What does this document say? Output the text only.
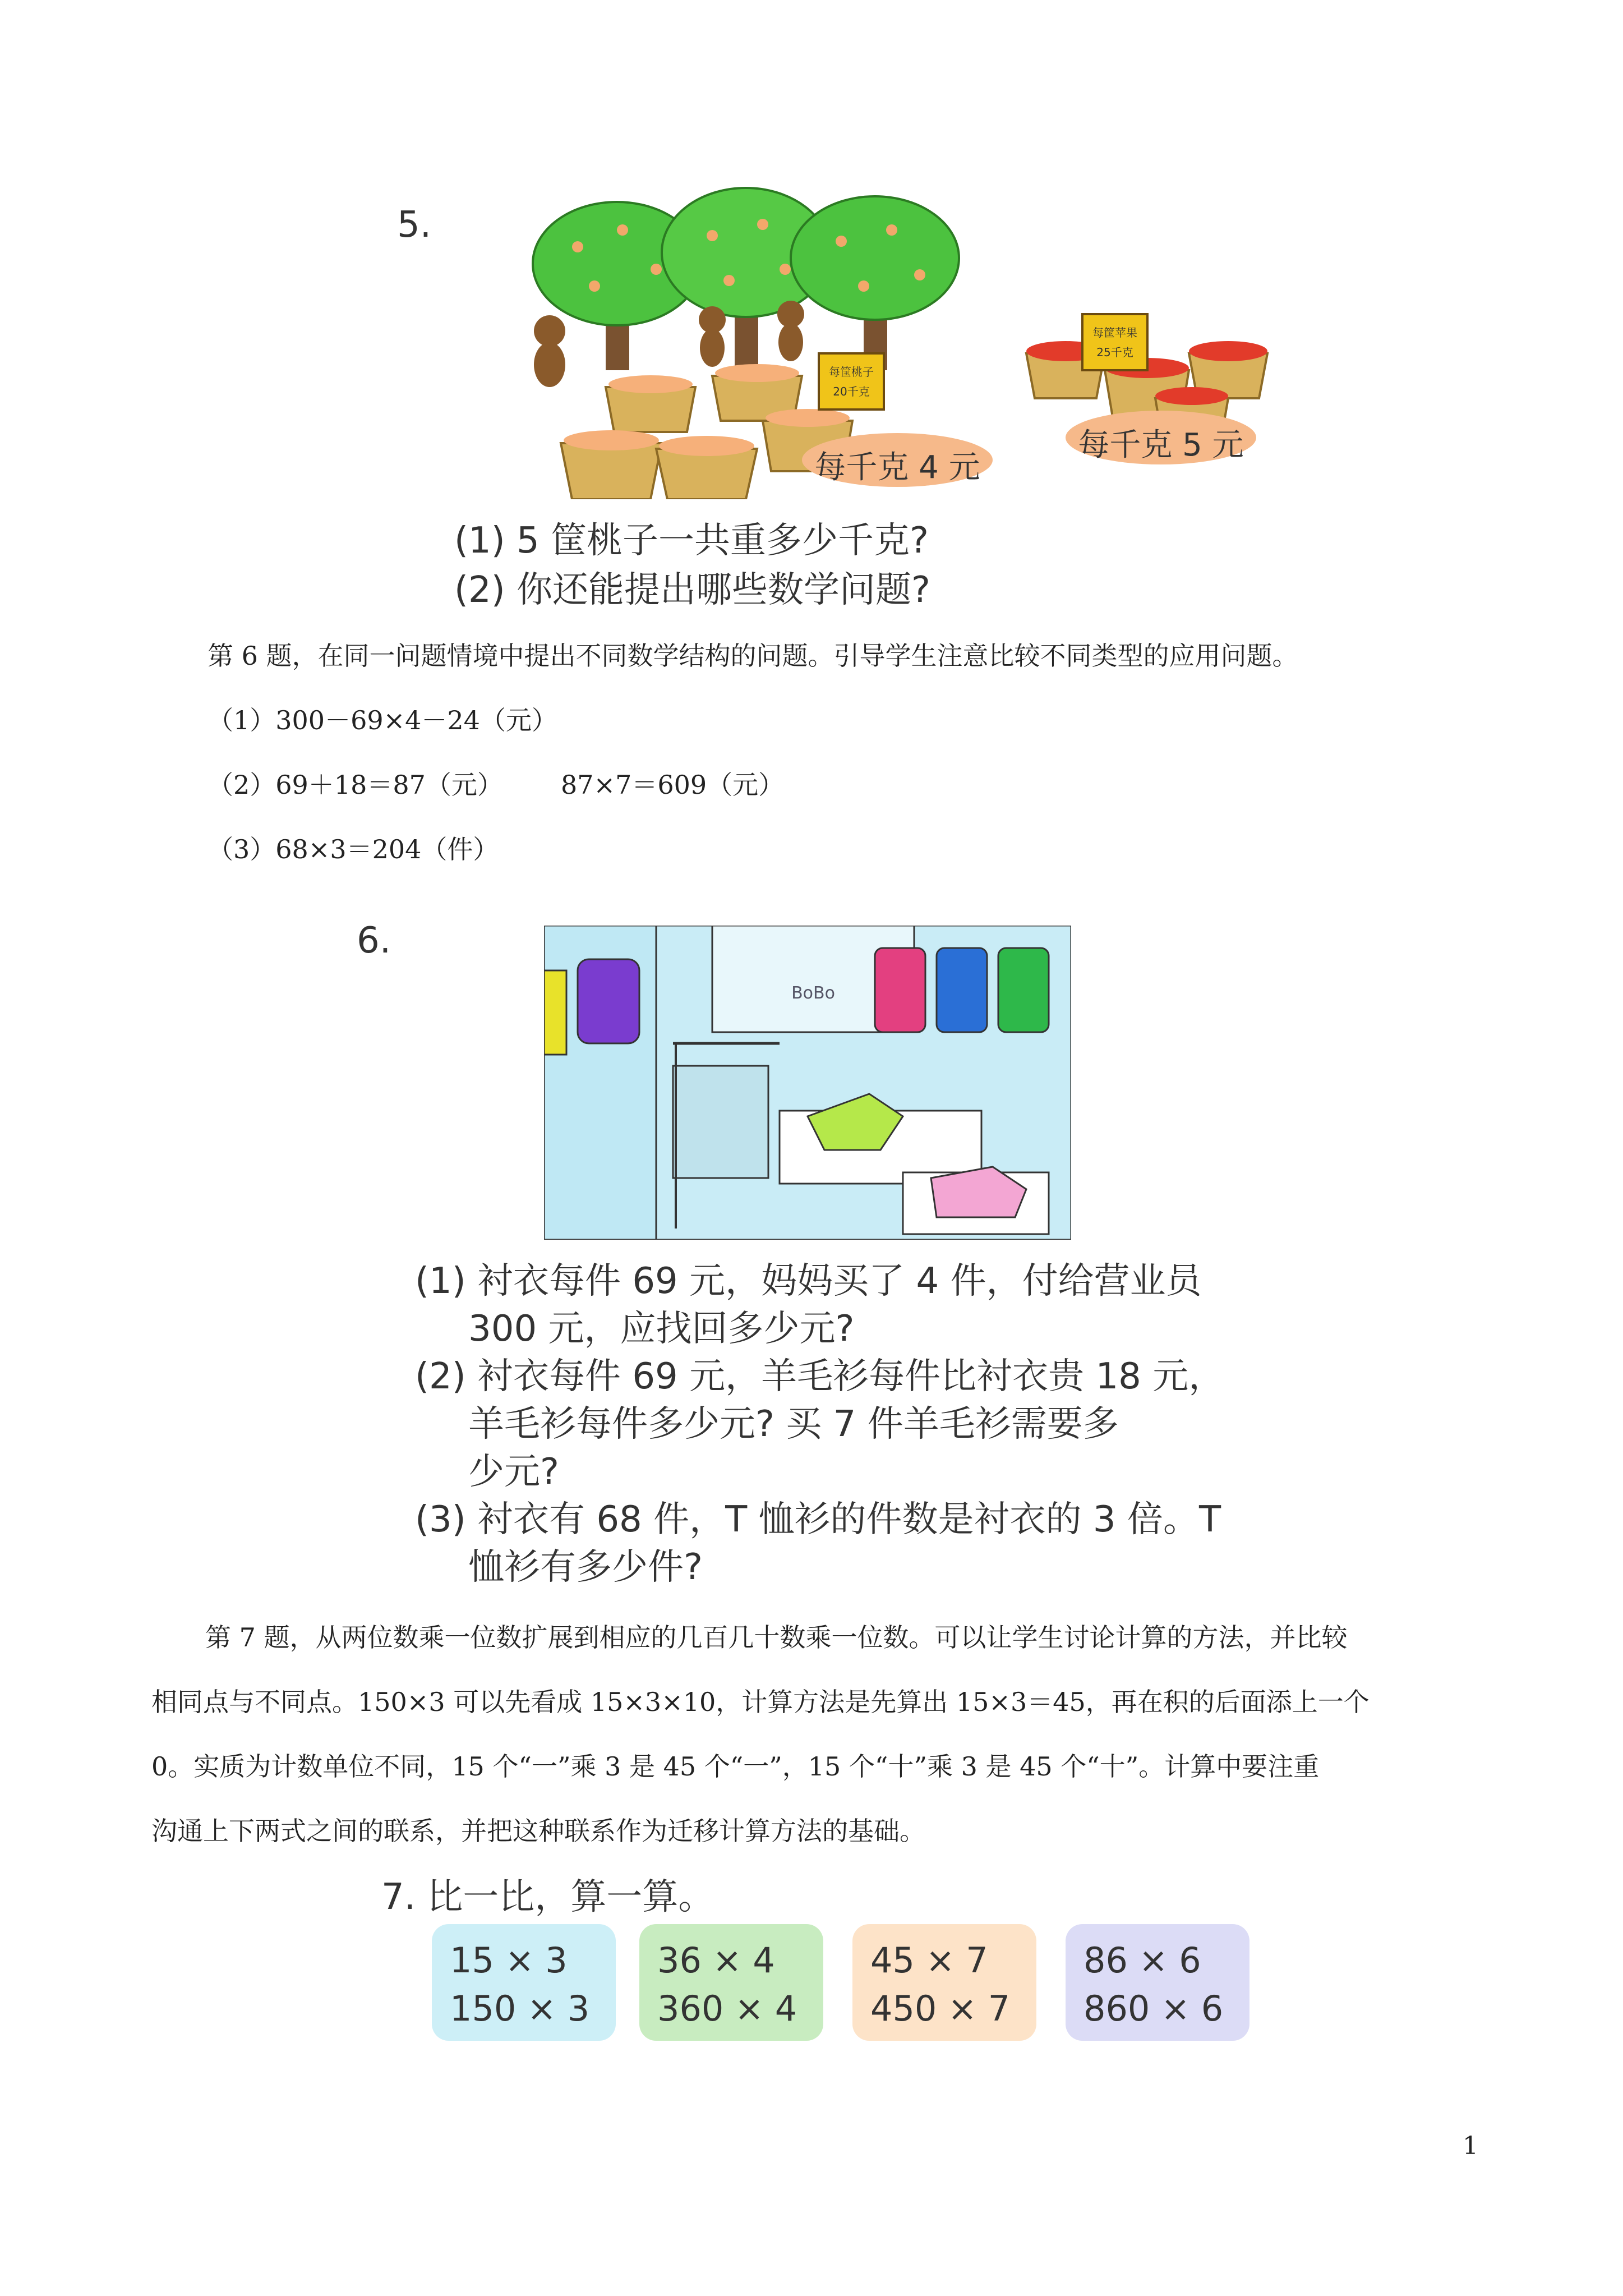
5.
每筐桃子
20千克
每筐苹果
25千克
每千克 4 元
每千克 5 元
(1) 5 筐桃子一共重多少千克?
(2) 你还能提出哪些数学问题?
第 6 题，在同一问题情境中提出不同数学结构的问题。引导学生注意比较不同类型的应用问题。
（1）300－69×4－24（元）
（2）69＋18＝87（元） 87×7＝609（元）
（3）68×3＝204（件）
6.
BoBo
(1) 衬衣每件 69 元，妈妈买了 4 件，付给营业员
300 元，应找回多少元?
(2) 衬衣每件 69 元，羊毛衫每件比衬衣贵 18 元，
羊毛衫每件多少元? 买 7 件羊毛衫需要多
少元?
(3) 衬衣有 68 件，T 恤衫的件数是衬衣的 3 倍。T
恤衫有多少件?
第 7 题，从两位数乘一位数扩展到相应的几百几十数乘一位数。可以让学生讨论计算的方法，并比较
相同点与不同点。150×3 可以先看成 15×3×10，计算方法是先算出 15×3＝45，再在积的后面添上一个
0。实质为计数单位不同，15 个“一”乘 3 是 45 个“一”，15 个“十”乘 3 是 45 个“十”。计算中要注重
沟通上下两式之间的联系，并把这种联系作为迁移计算方法的基础。
7. 比一比，算一算。
15 × 3
150 × 3
36 × 4
360 × 4
45 × 7
450 × 7
86 × 6
860 × 6
1
